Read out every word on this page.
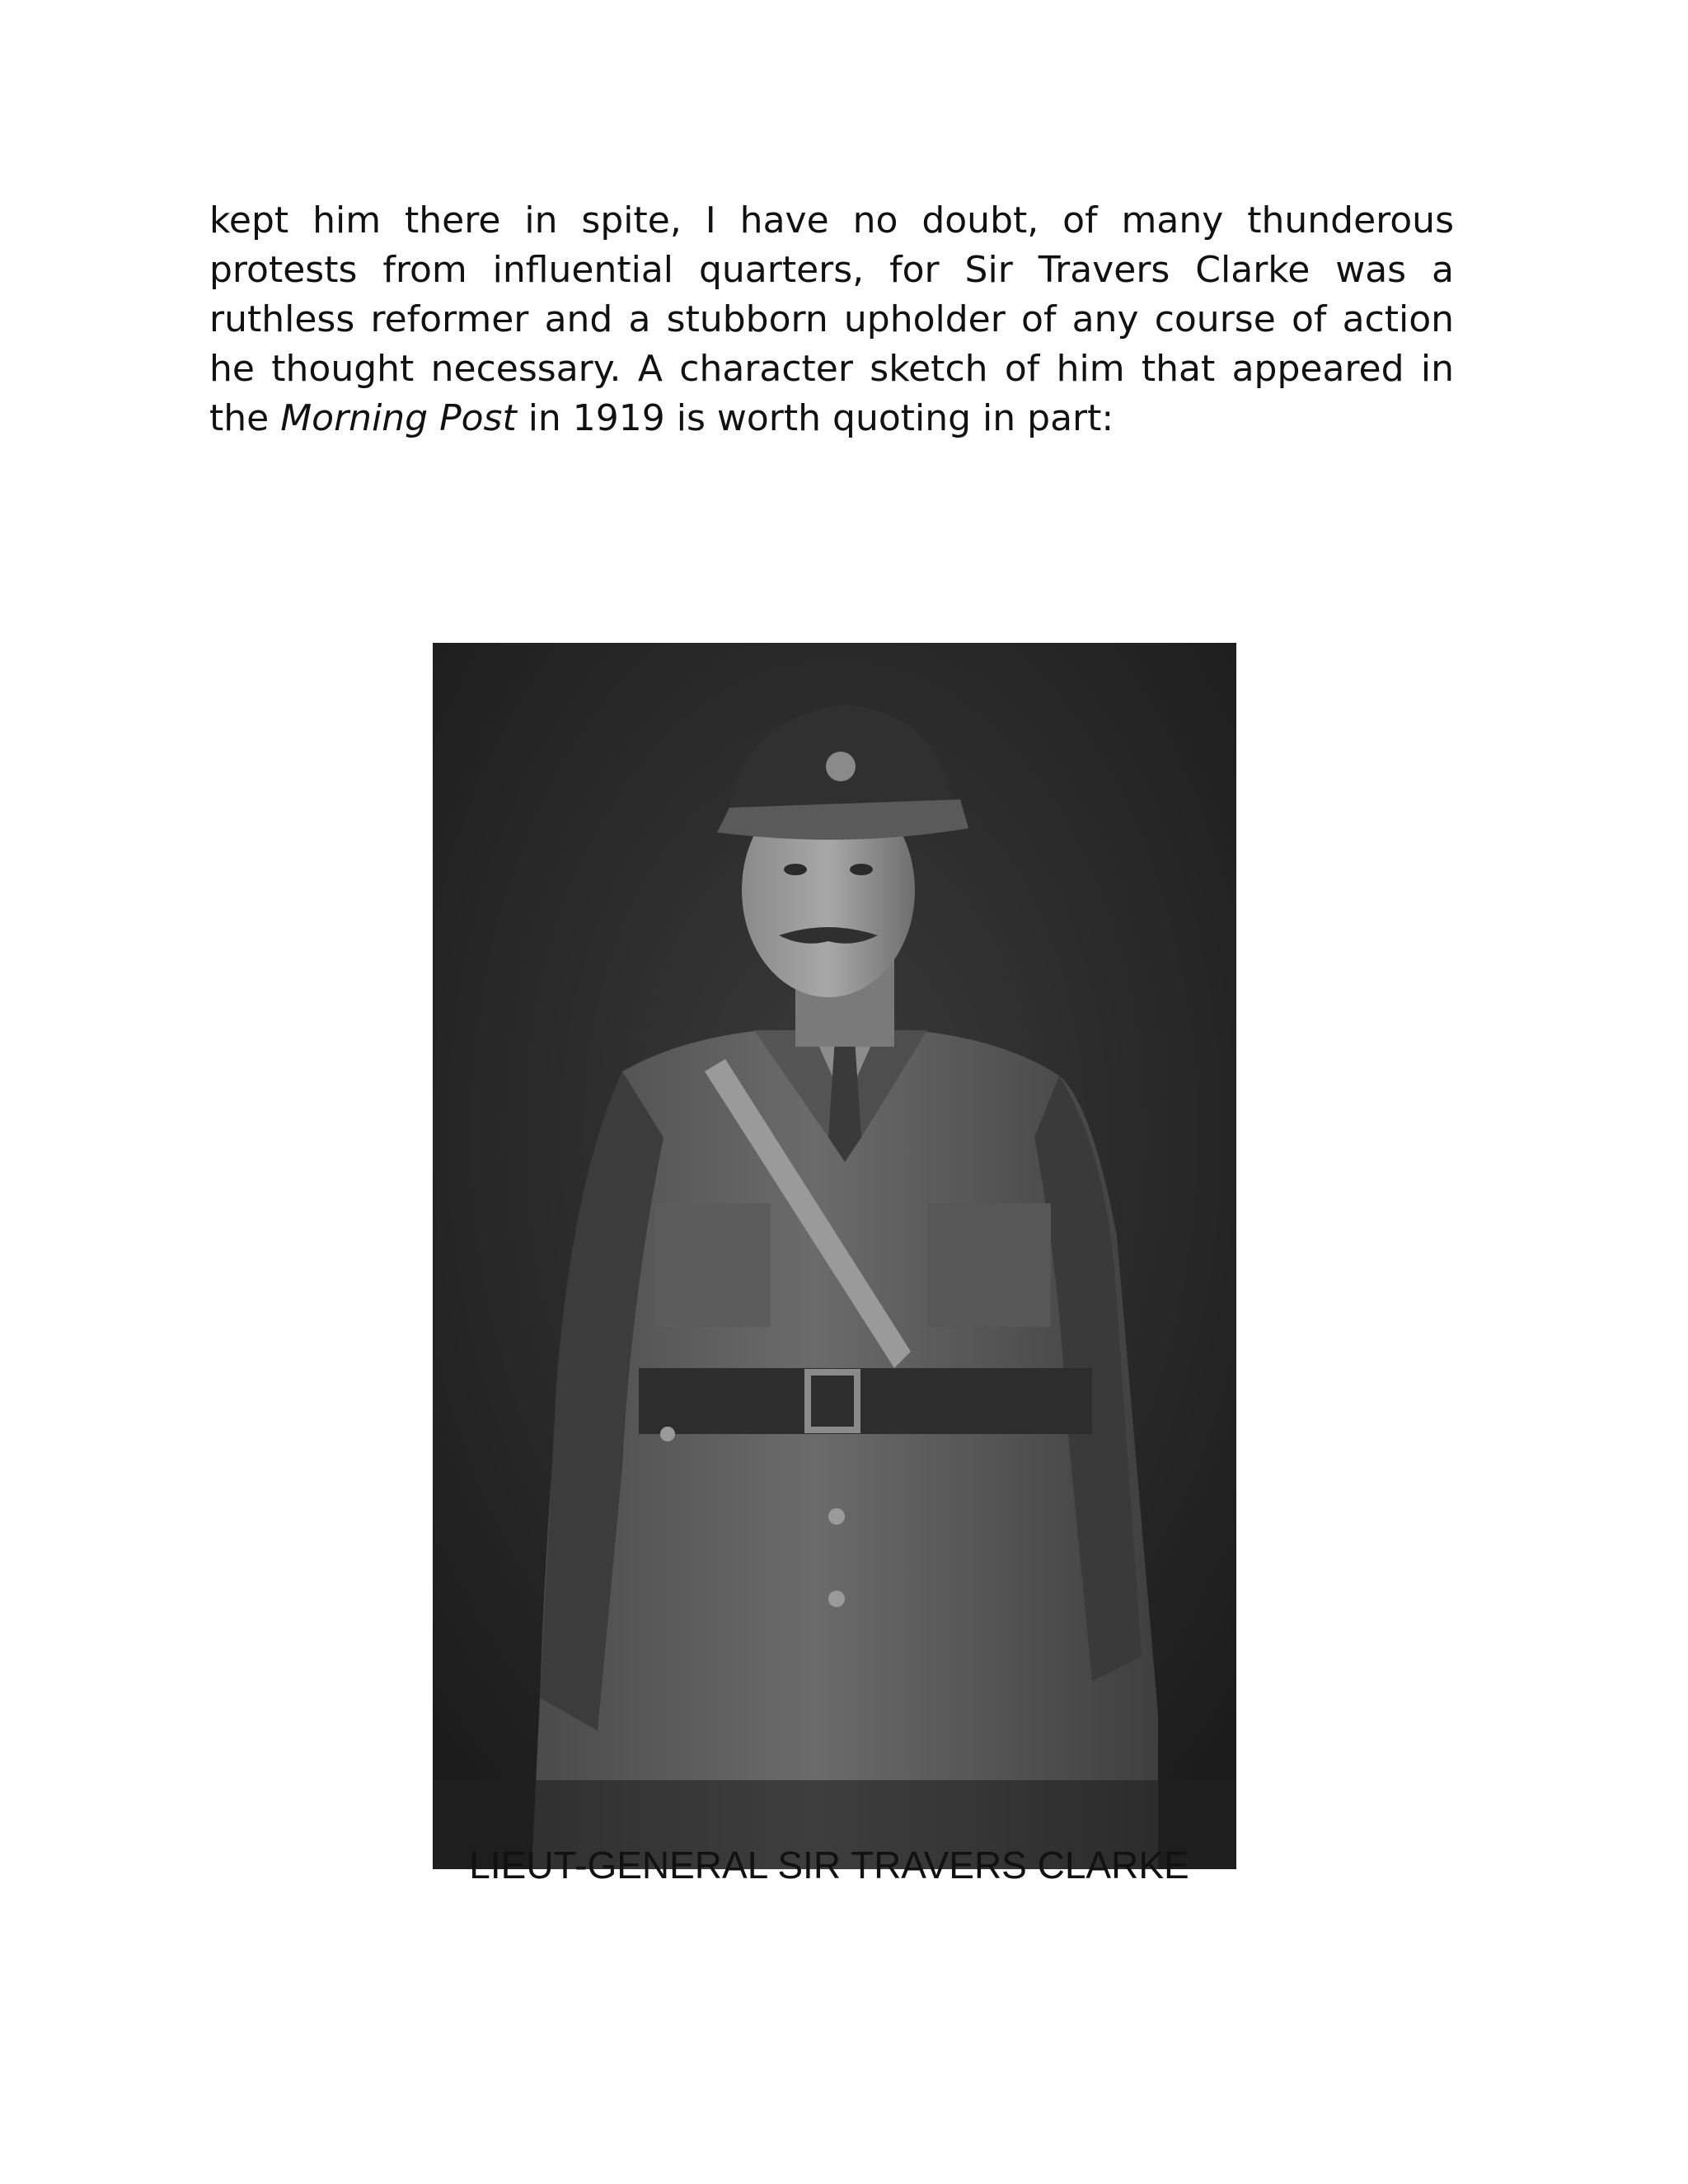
kept him there in spite, I have no doubt, of many thunderous protests from influential quarters, for Sir Travers Clarke was a ruthless reformer and a stubborn upholder of any course of action he thought necessary. A character sketch of him that appeared in the Morning Post in 1919 is worth quoting in part:

LIEUT-GENERAL SIR TRAVERS CLARKE
